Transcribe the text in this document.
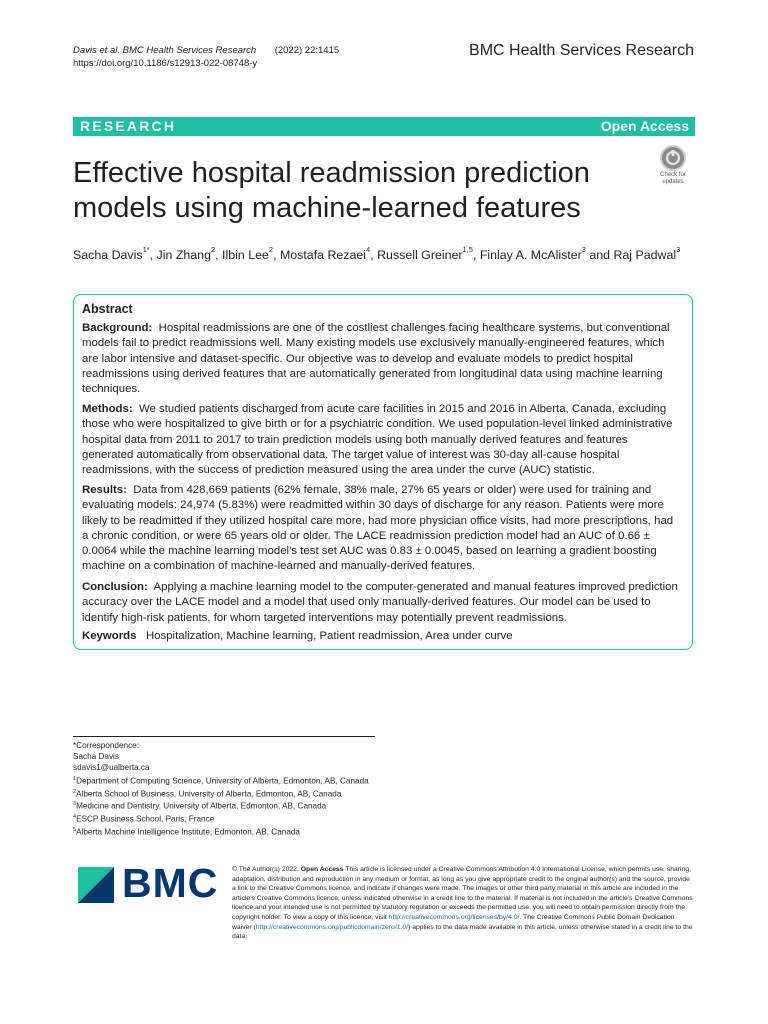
Davis et al. BMC Health Services Research (2022) 22:1415
https://doi.org/10.1186/s12913-022-08748-y
BMC Health Services Research
RESEARCH	Open Access
Effective hospital readmission prediction models using machine-learned features
Check for
updates
Sacha Davis$^{1*}$, Jin Zhang$^2$, Ilbin Lee$^2$, Mostafa Rezaei$^4$, Russell Greiner$^{1,5}$, Finlay A. McAlister$^3$ and Raj Padwal$^3$
Abstract
Background: Hospital readmissions are one of the costliest challenges facing healthcare systems, but conventional models fail to predict readmissions well. Many existing models use exclusively manually-engineered features, which are labor intensive and dataset-specific. Our objective was to develop and evaluate models to predict hospital readmissions using derived features that are automatically generated from longitudinal data using machine learning techniques.
Methods: We studied patients discharged from acute care facilities in 2015 and 2016 in Alberta, Canada, excluding those who were hospitalized to give birth or for a psychiatric condition. We used population-level linked administrative hospital data from 2011 to 2017 to train prediction models using both manually derived features and features generated automatically from observational data. The target value of interest was 30-day all-cause hospital readmissions, with the success of prediction measured using the area under the curve (AUC) statistic.
Results: Data from 428,669 patients (62% female, 38% male, 27% 65 years or older) were used for training and evaluating models: 24,974 (5.83%) were readmitted within 30 days of discharge for any reason. Patients were more likely to be readmitted if they utilized hospital care more, had more physician office visits, had more prescriptions, had a chronic condition, or were 65 years old or older. The LACE readmission prediction model had an AUC of 0.66 ± 0.0064 while the machine learning model’s test set AUC was 0.83 ± 0.0045, based on learning a gradient boosting machine on a combination of machine-learned and manually-derived features.
Conclusion: Applying a machine learning model to the computer-generated and manual features improved prediction accuracy over the LACE model and a model that used only manually-derived features. Our model can be used to identify high-risk patients, for whom targeted interventions may potentially prevent readmissions.
Keywords Hospitalization, Machine learning, Patient readmission, Area under curve

*Correspondence:

Sacha Davis

sdavis1@ualberta.ca

$^1$Department of Computing Science, University of Alberta, Edmonton, AB, Canada

$^2$Alberta School of Business, University of Alberta, Edmonton, AB, Canada

$^3$Medicine and Dentistry, University of Alberta, Edmonton, AB, Canada

$^4$ESCP Business School, Paris, France

$^5$Alberta Machine Intelligence Institute, Edmonton, AB, Canada

BMC © The Author(s) 2022. Open Access This article is licensed under a Creative Commons Attribution 4.0 International License, which permits use, sharing, adaptation, distribution and reproduction in any medium or format, as long as you give appropriate credit to the original author(s) and the source, provide a link to the Creative Commons licence, and indicate if changes were made. The images or other third party material in this article are included in the article’s Creative Commons licence, unless indicated otherwise in a credit line to the material. If material is not included in the article’s Creative Commons licence and your intended use is not permitted by statutory regulation or exceeds the permitted use, you will need to obtain permission directly from the copyright holder. To view a copy of this licence, visit http://creativecommons.org/licenses/by/4.0/. The Creative Commons Public Domain Dedication waiver (http://creativecommons.org/publicdomain/zero/1.0/) applies to the data made available in this article, unless otherwise stated in a credit line to the data.
